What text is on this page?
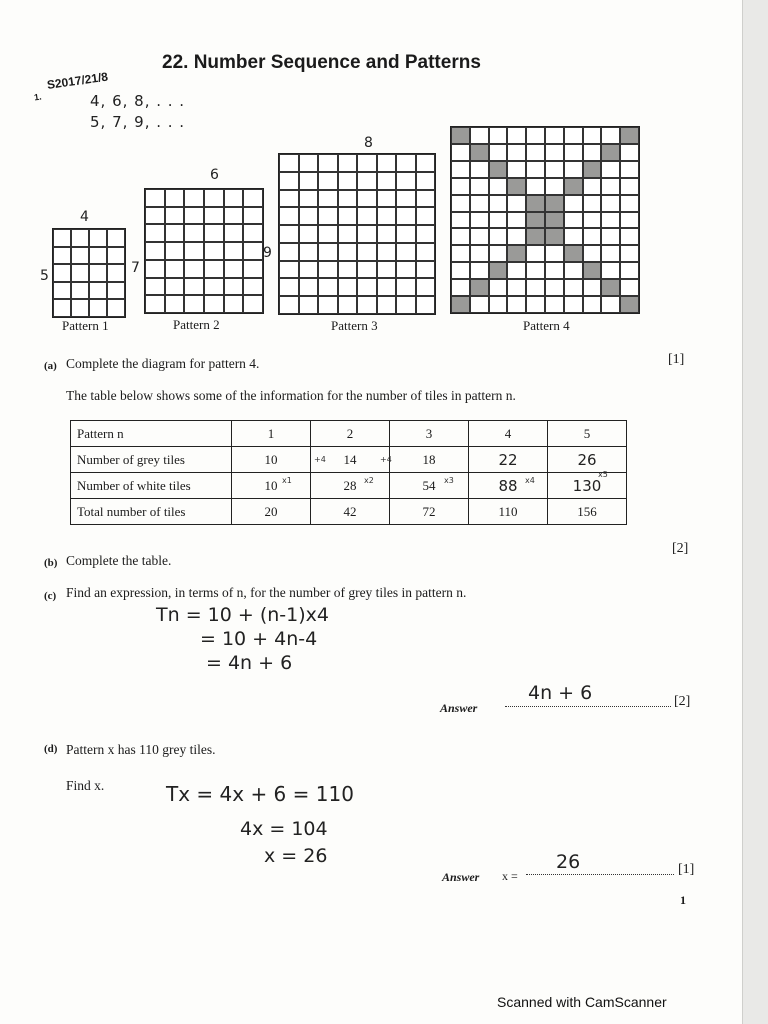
22. Number Sequence and Patterns
1.
S2017/21/8
4, 6, 8, . . .
5, 7, 9, . . .
4
5
Pattern 1
6
7
Pattern 2
8
9
Pattern 3	Pattern 4
(a) Complete the diagram for pattern 4.	[1]
The table below shows some of the information for the number of tiles in pattern n.
Pattern n	1	2	3	4	5
Number of grey tiles	10	14	18	22	26
Number of white tiles	10	28	54	88	130
Total number of tiles	20	42	72	110	156
+4	+4
x1	x2	x3	x4
x5
(b) Complete the table.
[2]
(c) Find an expression, in terms of n, for the number of grey tiles in pattern n.
Tn = 10 + (n-1)x4
= 10 + 4n-4
= 4n + 6
Answer
4n + 6	[2]
(d) Pattern x has 110 grey tiles.
Find x.	Tx = 4x + 6 = 110
4x = 104
x = 26
Answer x =
26	[1]
1
Scanned with CamScanner
